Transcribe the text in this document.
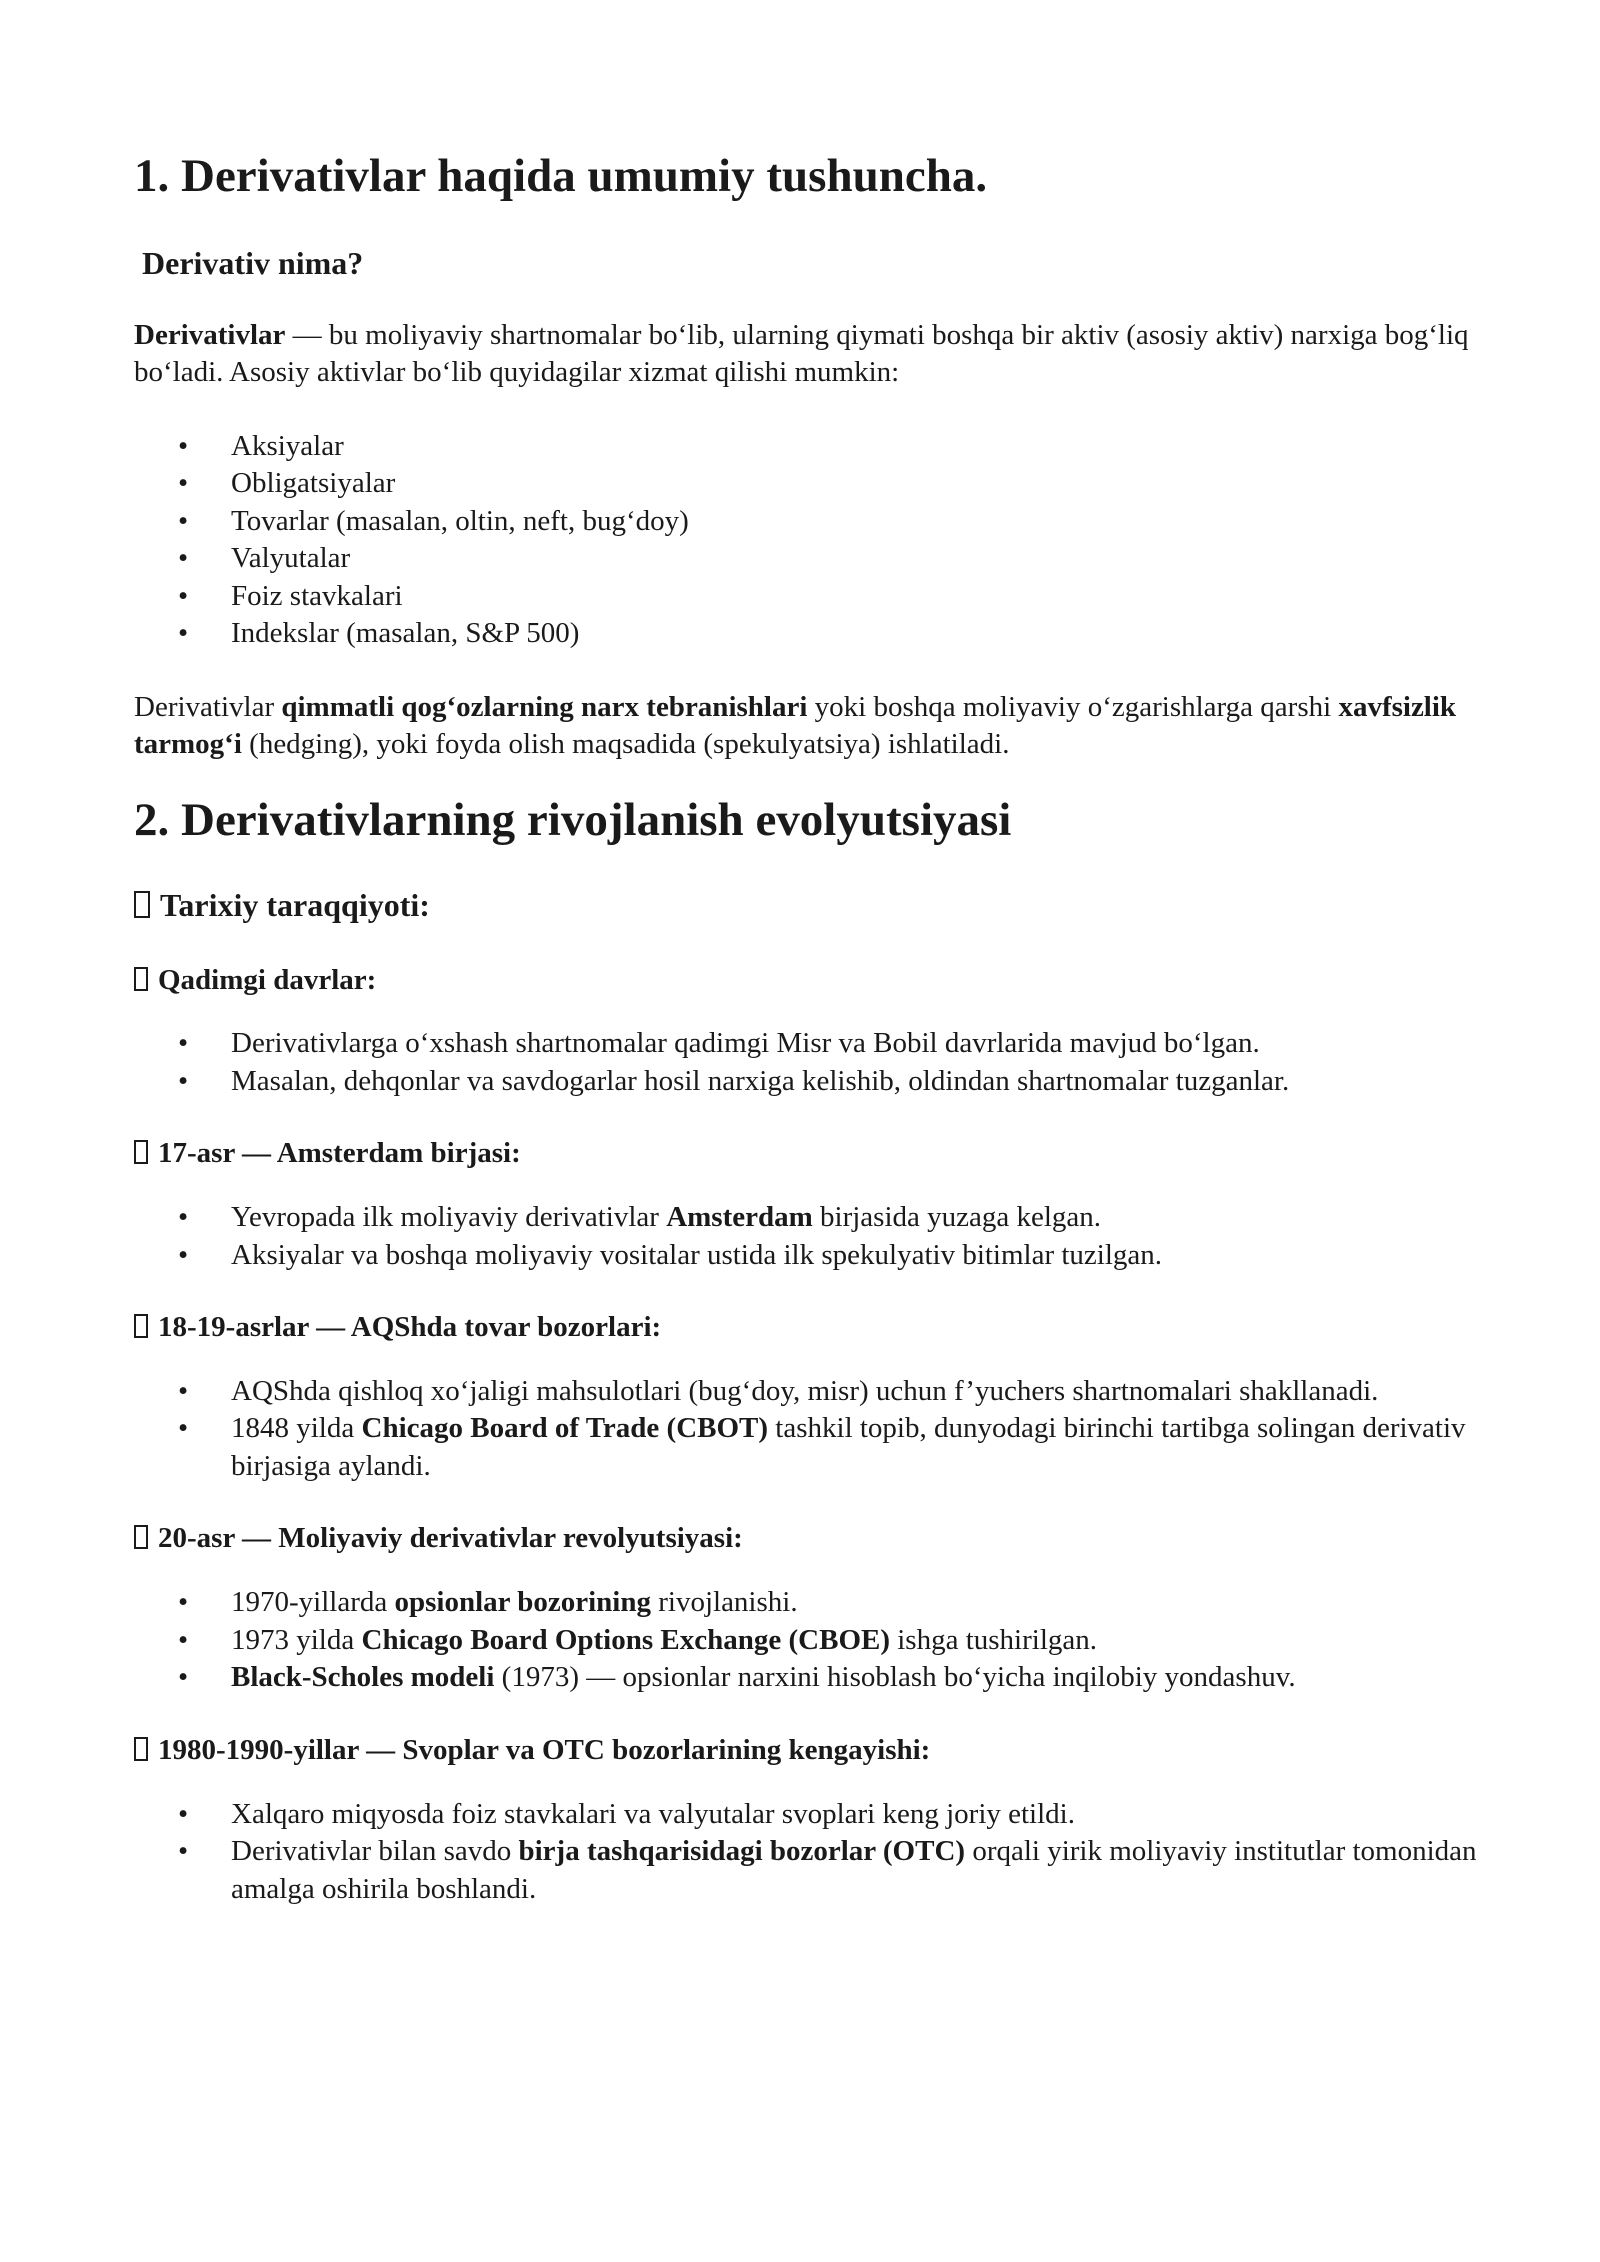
1. Derivativlar haqida umumiy tushuncha.
Derivativ nima?

Derivativlar — bu moliyaviy shartnomalar bo‘lib, ularning qiymati boshqa bir aktiv (asosiy aktiv) narxiga bog‘liq bo‘ladi. Asosiy aktivlar bo‘lib quyidagilar xizmat qilishi mumkin:

• Aksiyalar
• Obligatsiyalar
• Tovarlar (masalan, oltin, neft, bug‘doy)
• Valyutalar
• Foiz stavkalari
• Indekslar (masalan, S&P 500)

Derivativlar qimmatli qog‘ozlarning narx tebranishlari yoki boshqa moliyaviy o‘zgarishlarga qarshi xavfsizlik tarmog‘i (hedging), yoki foyda olish maqsadida (spekulyatsiya) ishlatiladi.

2. Derivativlarning rivojlanish evolyutsiyasi
Tarixiy taraqqiyoti:
Qadimgi davrlar:
• Derivativlarga o‘xshash shartnomalar qadimgi Misr va Bobil davrlarida mavjud bo‘lgan.
• Masalan, dehqonlar va savdogarlar hosil narxiga kelishib, oldindan shartnomalar tuzganlar.
17-asr — Amsterdam birjasi:
• Yevropada ilk moliyaviy derivativlar Amsterdam birjasida yuzaga kelgan.
• Aksiyalar va boshqa moliyaviy vositalar ustida ilk spekulyativ bitimlar tuzilgan.
18-19-asrlar — AQShda tovar bozorlari:
• AQShda qishloq xo‘jaligi mahsulotlari (bug‘doy, misr) uchun f’yuchers shartnomalari shakllanadi.
• 1848 yilda Chicago Board of Trade (CBOT) tashkil topib, dunyodagi birinchi tartibga solingan derivativ birjasiga aylandi.
20-asr — Moliyaviy derivativlar revolyutsiyasi:
• 1970-yillarda opsionlar bozorining rivojlanishi.
• 1973 yilda Chicago Board Options Exchange (CBOE) ishga tushirilgan.
• Black-Scholes modeli (1973) — opsionlar narxini hisoblash bo‘yicha inqilobiy yondashuv.
1980-1990-yillar — Svoplar va OTC bozorlarining kengayishi:
• Xalqaro miqyosda foiz stavkalari va valyutalar svoplari keng joriy etildi.
• Derivativlar bilan savdo birja tashqarisidagi bozorlar (OTC) orqali yirik moliyaviy institutlar tomonidan amalga oshirila boshlandi.
